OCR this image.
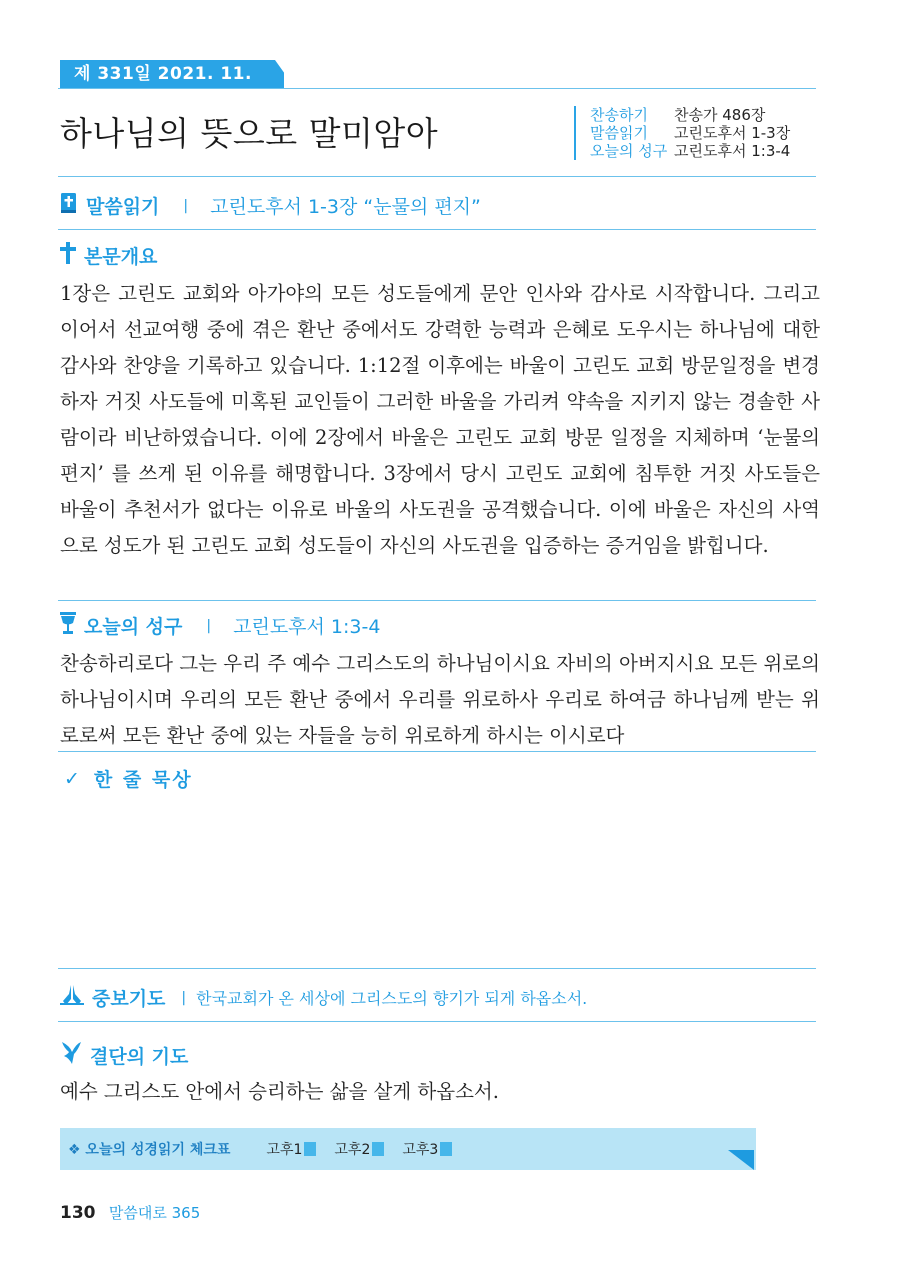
제 331일 2021. 11. 27. 토
하나님의 뜻으로 말미암아	찬송하기	찬송가 486장
말씀읽기	고린도후서 1-3장
오늘의 성구 고린도후서 1:3-4
말씀읽기 | 고린도후서 1-3장 “눈물의 편지”
본문개요
1장은 고린도 교회와 아가야의 모든 성도들에게 문안 인사와 감사로 시작합니다. 그리고 이어서 선교여행 중에 겪은 환난 중에서도 강력한 능력과 은혜로 도우시는 하나님에 대한 감사와 찬양을 기록하고 있습니다. 1:12절 이후에는 바울이 고린도 교회 방문일정을 변경하자 거짓 사도들에 미혹된 교인들이 그러한 바울을 가리켜 약속을 지키지 않는 경솔한 사람이라 비난하였습니다. 이에 2장에서 바울은 고린도 교회 방문 일정을 지체하며 ‘눈물의 편지’ 를 쓰게 된 이유를 해명합니다. 3장에서 당시 고린도 교회에 침투한 거짓 사도들은 바울이 추천서가 없다는 이유로 바울의 사도권을 공격했습니다. 이에 바울은 자신의 사역으로 성도가 된 고린도 교회 성도들이 자신의 사도권을 입증하는 증거임을 밝힙니다.
오늘의 성구 | 고린도후서 1:3-4
찬송하리로다 그는 우리 주 예수 그리스도의 하나님이시요 자비의 아버지시요 모든 위로의 하나님이시며 우리의 모든 환난 중에서 우리를 위로하사 우리로 하여금 하나님께 받는 위로로써 모든 환난 중에 있는 자들을 능히 위로하게 하시는 이시로다
✓ 한 줄 묵상
중보기도 | 한국교회가 온 세상에 그리스도의 향기가 되게 하옵소서.
결단의 기도
예수 그리스도 안에서 승리하는 삶을 살게 하옵소서.
❖ 오늘의 성경읽기 체크표	고후1 고후2 고후3
130 말씀대로 365
